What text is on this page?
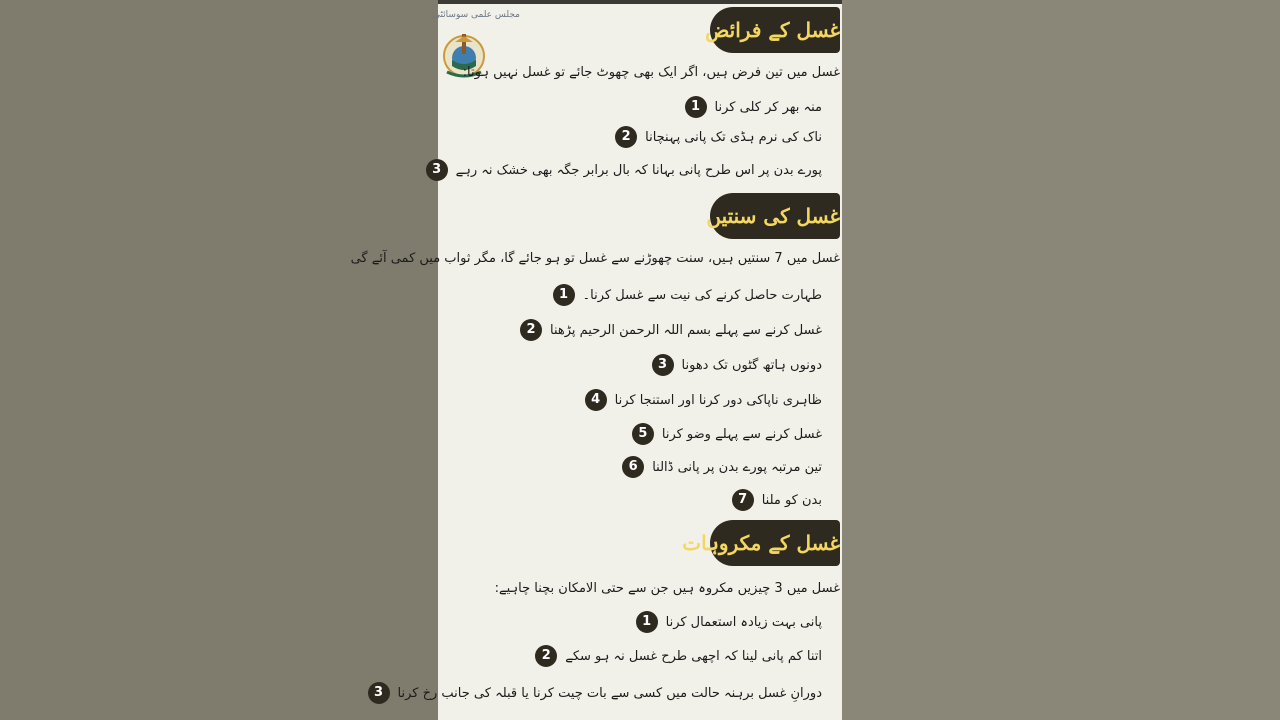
مجلس علمی سوسائٹی
غسل کے فرائض
غسل میں تین فرض ہیں، اگر ایک بھی چھوٹ جائے تو غسل نہیں ہوتا:
1	منہ بھر کر کلی کرنا
2	ناک کی نرم ہڈی تک پانی پہنچانا
3	پورے بدن پر اس طرح پانی بہانا کہ بال برابر جگہ بھی خشک نہ رہے
غسل کی سنتیں
غسل میں 7 سنتیں ہیں، سنت چھوڑنے سے غسل تو ہو جائے گا، مگر ثواب میں کمی آئے گی
1	طہارت حاصل کرنے کی نیت سے غسل کرنا۔
2	غسل کرنے سے پہلے بسم اللہ الرحمن الرحیم پڑھنا
3	دونوں ہاتھ گٹوں تک دھونا
4	ظاہری ناپاکی دور کرنا اور استنجا کرنا
5	غسل کرنے سے پہلے وضو کرنا
6	تین مرتبہ پورے بدن پر پانی ڈالنا
7	بدن کو ملنا
غسل کے مکروہات
غسل میں 3 چیزیں مکروہ ہیں جن سے حتی الامکان بچنا چاہیے:
1	پانی بہت زیادہ استعمال کرنا
2	اتنا کم پانی لینا کہ اچھی طرح غسل نہ ہو سکے
3	دورانِ غسل برہنہ حالت میں کسی سے بات چیت کرنا یا قبلہ کی جانب رخ کرنا
